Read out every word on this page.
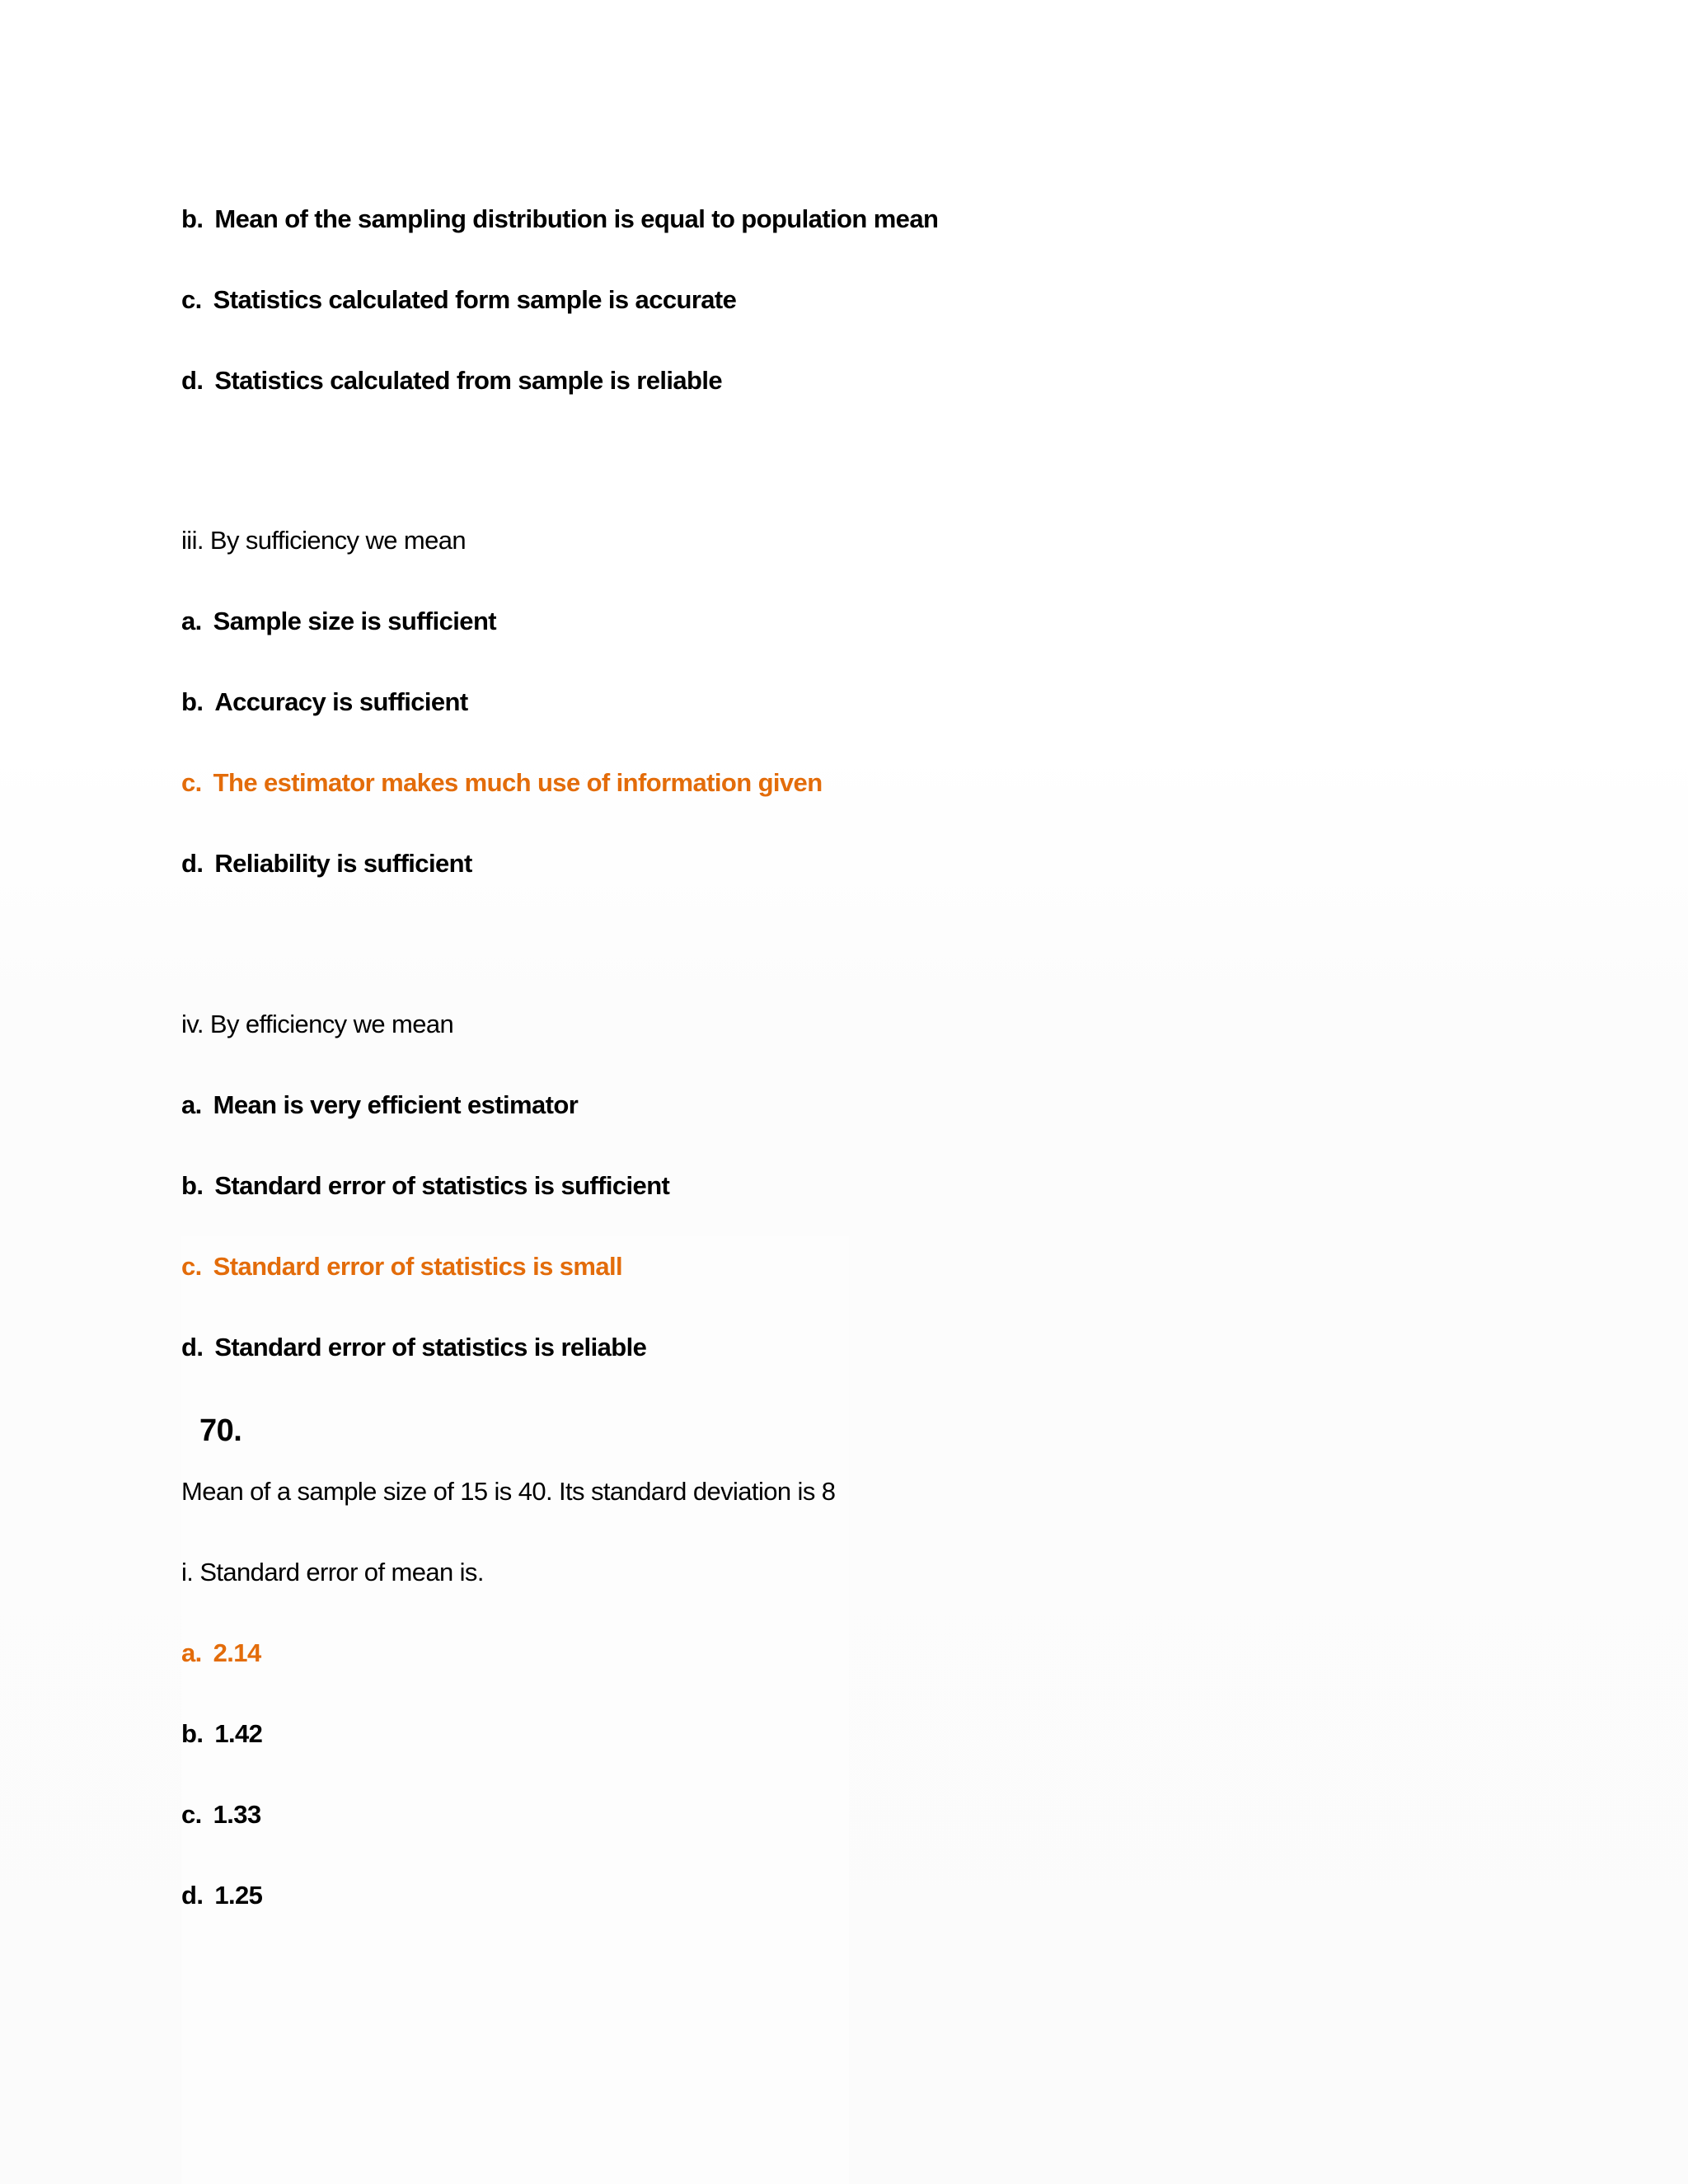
b. Mean of the sampling distribution is equal to population mean
c. Statistics calculated form sample is accurate
d. Statistics calculated from sample is reliable
iii. By sufficiency we mean
a. Sample size is sufficient
b. Accuracy is sufficient
c. The estimator makes much use of information given
d. Reliability is sufficient
iv. By efficiency we mean
a. Mean is very efficient estimator
b. Standard error of statistics is sufficient
c. Standard error of statistics is small
d. Standard error of statistics is reliable
70.
Mean of a sample size of 15 is 40. Its standard deviation is 8
i. Standard error of mean is.
a. 2.14
b. 1.42
c. 1.33
d. 1.25
